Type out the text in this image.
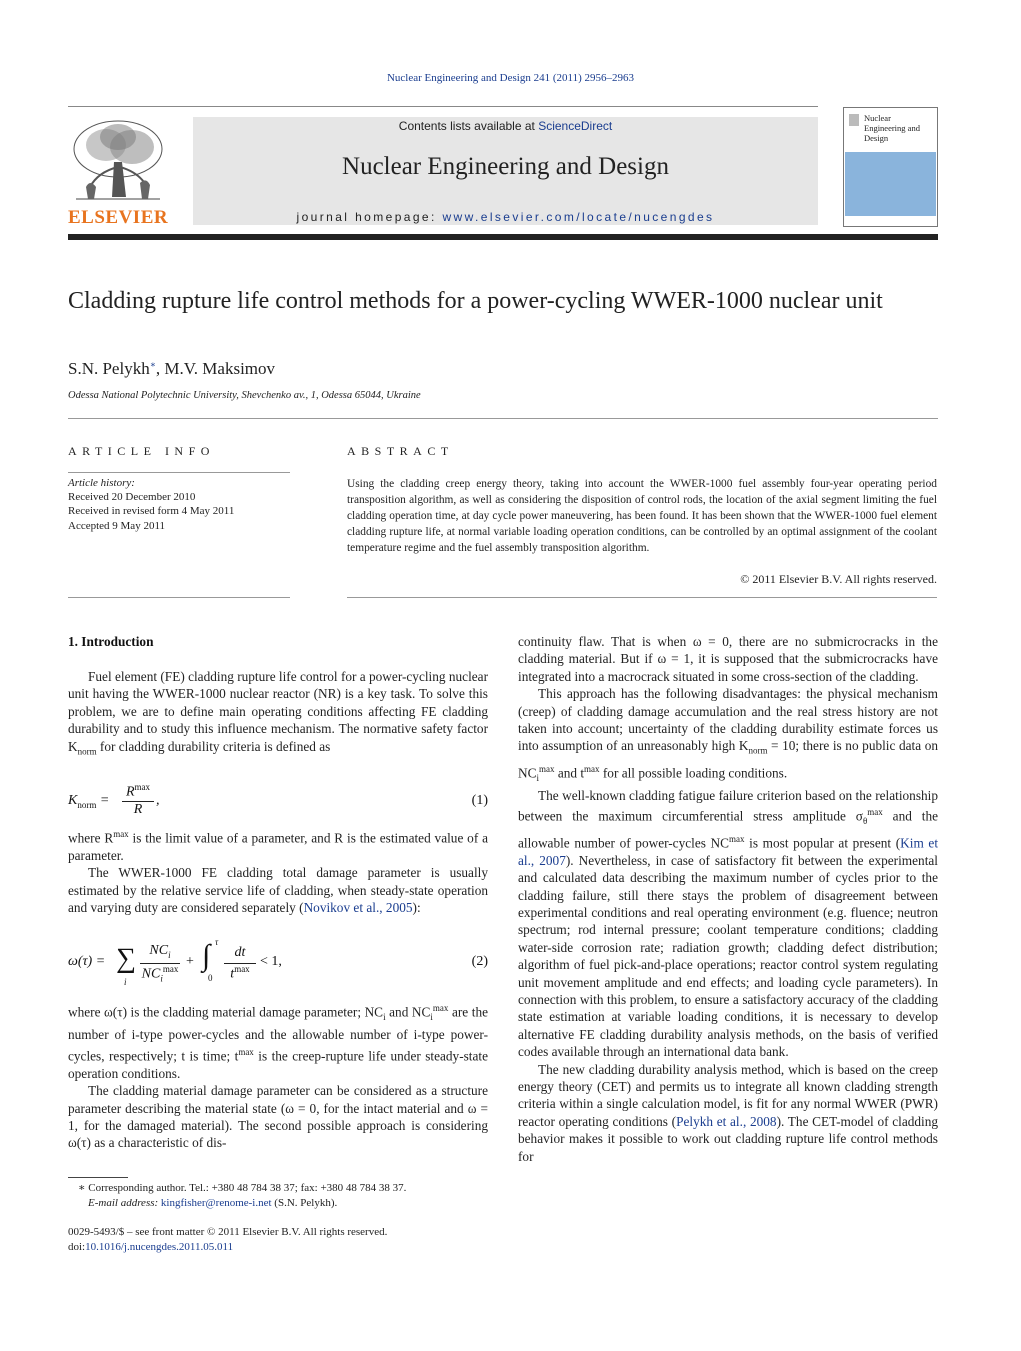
Nuclear Engineering and Design 241 (2011) 2956–2963
ELSEVIER
Contents lists available at ScienceDirect
Nuclear Engineering and Design
journal homepage: www.elsevier.com/locate/nucengdes
Nuclear Engineering and Design
Cladding rupture life control methods for a power-cycling WWER-1000 nuclear unit
S.N. Pelykh∗, M.V. Maksimov
Odessa National Polytechnic University, Shevchenko av., 1, Odessa 65044, Ukraine
ARTICLE INFO	ABSTRACT
Article history:
Received 20 December 2010
Received in revised form 4 May 2011
Accepted 9 May 2011
Using the cladding creep energy theory, taking into account the WWER-1000 fuel assembly four-year operating period transposition algorithm, as well as considering the disposition of control rods, the location of the axial segment limiting the fuel cladding operation time, at day cycle power maneuvering, has been found. It has been shown that the WWER-1000 fuel element cladding rupture life, at normal variable loading operation conditions, can be controlled by an optimal assignment of the coolant temperature regime and the fuel assembly transposition algorithm.
© 2011 Elsevier B.V. All rights reserved.
1. Introduction

Fuel element (FE) cladding rupture life control for a power-cycling nuclear unit having the WWER-1000 nuclear reactor (NR) is a key task. To solve this problem, we are to define main operating conditions affecting FE cladding durability and to study this influence mechanism. The normative safety factor $K_{norm}$ for cladding durability criteria is defined as

$K_{norm}$ =
$R^{max}$
R
,	(1)

where $R^{max}$ is the limit value of a parameter, and R is the estimated value of a parameter.

The WWER-1000 FE cladding total damage parameter is usually estimated by the relative service life of cladding, when steady-state operation and varying duty are considered separately (Novikov et al., 2005):

ω(τ) = ∑
i
$NC_i$
$NC_i^{max}$ + ∫ τ
0
dt
$t^{max} < 1$,	(2)

where ω(τ) is the cladding material damage parameter; $NC_i$ and $NC_i^{max}$ are the number of i-type power-cycles and the allowable number of i-type power-cycles, respectively; t is time; $t^{max}$ is the creep-rupture life under steady-state operation conditions.

The cladding material damage parameter can be considered as a structure parameter describing the material state (ω = 0, for the intact material and ω = 1, for the damaged material). The second possible approach is considering ω(τ) as a characteristic of dis-

continuity flaw. That is when ω = 0, there are no submicrocracks in the cladding material. But if ω = 1, it is supposed that the submicrocracks have integrated into a macrocrack situated in some cross-section of the cladding.

This approach has the following disadvantages: the physical mechanism (creep) of cladding damage accumulation and the real stress history are not taken into account; uncertainty of the cladding durability estimate forces us into assumption of an unreasonably high $K_{norm} = 10$; there is no public data on $NC_i^{max}$ and $t^{max}$ for all possible loading conditions.

The well-known cladding fatigue failure criterion based on the relationship between the maximum circumferential stress amplitude $\sigma_\theta^{max}$ and the allowable number of power-cycles $NC^{max}$ is most popular at present (Kim et al., 2007). Nevertheless, in case of satisfactory fit between the experimental and calculated data describing the maximum number of cycles prior to the cladding failure, still there stays the problem of disagreement between experimental conditions and real operating environment (e.g. fluence; neutron spectrum; rod internal pressure; coolant temperature conditions; cladding water-side corrosion rate; radiation growth; cladding defect distribution; algorithm of fuel pick-and-place operations; reactor control system regulating unit movement amplitude and end effects; and loading cycle parameters). In connection with this problem, to ensure a satisfactory accuracy of the cladding state estimation at variable loading conditions, it is necessary to develop alternative FE cladding durability analysis methods, on the basis of verified codes available through an international data bank.

The new cladding durability analysis method, which is based on the creep energy theory (CET) and permits us to integrate all known cladding strength criteria within a single calculation model, is fit for any normal WWER (PWR) reactor operating conditions (Pelykh et al., 2008). The CET-model of cladding behavior makes it possible to work out cladding rupture life control methods for

∗ Corresponding author. Tel.: +380 48 784 38 37; fax: +380 48 784 38 37.
E-mail address: kingfisher@renome-i.net (S.N. Pelykh).
0029-5493/$ – see front matter © 2011 Elsevier B.V. All rights reserved.
doi:10.1016/j.nucengdes.2011.05.011
